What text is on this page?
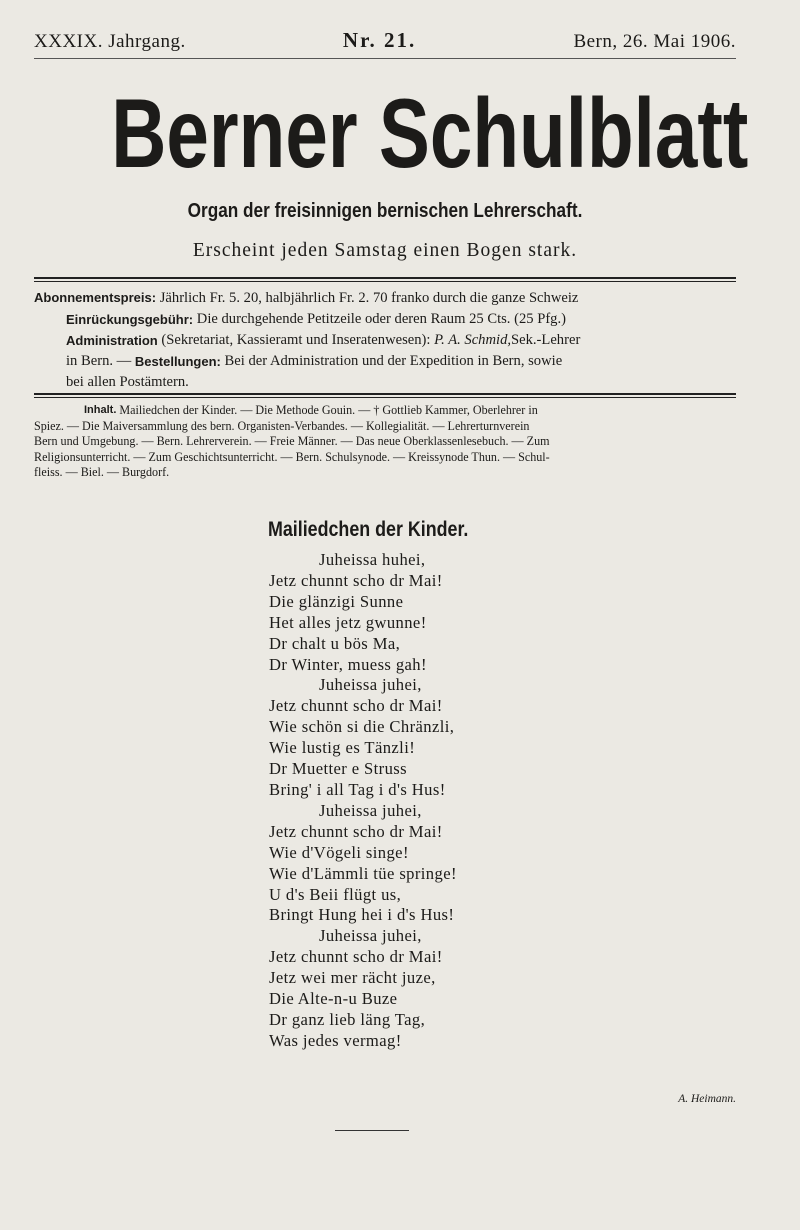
XXXIX. Jahrgang.	Nr. 21.	Bern, 26. Mai 1906.
Berner Schulblatt
Organ der freisinnigen bernischen Lehrerschaft.
Erscheint jeden Samstag einen Bogen stark.
Abonnementspreis: Jährlich Fr. 5. 20, halbjährlich Fr. 2. 70 franko durch die ganze Schweiz
Einrückungsgebühr:
Die durchgehende Petitzeile oder deren Raum 25 Cts. (25 Pfg.)
Administration
(Sekretariat, Kassieramt und Inseratenwesen):
P. A. Schmid, Sek.-Lehrer
in Bern. —
Bestellungen:
Bei der Administration und der Expedition in Bern, sowie
bei allen Postämtern.
Inhalt.
Mailiedchen der Kinder. — Die Methode Gouin. — † Gottlieb Kammer, Oberlehrer in
Spiez. — Die Maiversammlung des bern. Organisten-Verbandes. — Kollegialität. — Lehrerturnverein
Bern und Umgebung. — Bern. Lehrerverein. — Freie Männer. — Das neue Oberklassenlesebuch. — Zum
Religionsunterricht. — Zum Geschichtsunterricht. — Bern. Schulsynode. — Kreissynode Thun. — Schul-
fleiss. — Biel. — Burgdorf.
Mailiedchen der Kinder.
Juheissa huhei,
Jetz chunnt scho dr Mai!
Die glänzigi Sunne
Het alles jetz gwunne!
Dr chalt u bös Ma,
Dr Winter, muess gah!
Juheissa juhei,
Jetz chunnt scho dr Mai!
Wie schön si die Chränzli,
Wie lustig es Tänzli!
Dr Muetter e Struss
Bring' i all Tag i d's Hus!
Juheissa juhei,
Jetz chunnt scho dr Mai!
Wie d'Vögeli singe!
Wie d'Lämmli tüe springe!
U d's Beii flügt us,
Bringt Hung hei i d's Hus!
Juheissa juhei,
Jetz chunnt scho dr Mai!
Jetz wei mer rächt juze,
Die Alte-n-u Buze
Dr ganz lieb läng Tag,
Was jedes vermag!
A. Heimann.
